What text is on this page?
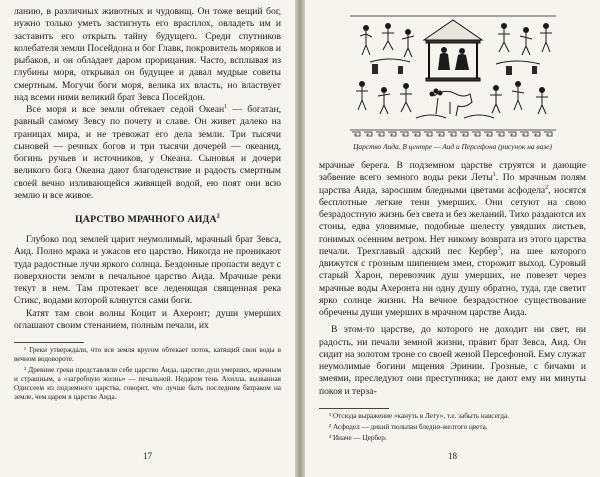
ланию, в различных животных и чудовищ. Он тоже вещий бог, нужно только уметь застигнуть его врасплох, овладеть им и заставить его открыть тайну будущего. Среди спутников колебателя земли Посейдона и бог Главк, покровитель моряков и рыбаков, и он обладает даром прорицания. Часто, всплывая из глубины моря, открывал он будущее и давал мудрые советы смертным. Могучи боги моря, велика их власть, но властвует над всеми ними великий брат Зевса Посейдон.

Все моря и все земли обтекает седой Океан$^1$ — богатан, равный самому Зевсу по почету и славе. Он живет далеко на границах мира, и не тревожат его дела земли. Три тысячи сыновей — речных богов и три тысячи дочерей — океанид, богинь ручьев и источников, у Океана. Сыновья и дочери великого бога Океана дают благоденствие и радость смертным своей вечно изливающейся живящей водой, ею поят они всю землю и все живое.

ЦАРСТВО МРАЧНОГО АИДА$^2$

Глубоко под землей царит неумолимый, мрачный брат Зевса, Аид. Полно мрака и ужасов его царство. Никогда не проникают туда радостные лучи яркого солнца. Бездонные пропасти ведут с поверхности земли в печальное царство Аида. Мрачные реки текут в нем. Там протекает все леденящая священная река Стикс, водами которой клянутся сами боги.

Катят там свои волны Коцит и Ахеронт; души умерших оглашают своим стенанием, полным печали, их

¹ Греки утверждали, что вся земля кругом обтекает поток, катящий свои воды в вечном водовороте.

² Древние греки представляли себе царство Аида, царство душ умерших, мрачным и страшным, а «загробную жизнь» — печальной. Недаром тень Ахилла, вызванная Одиссеем из подземного царства, говорит, что лучше быть последним батраком на земле, чем царем в царстве Аида.

17
Царство Аида. В центре — Аид и Персефона (рисунок на вазе)

мрачные берега. В подземном царстве струятся и дающие забвение всего земного воды реки Леты$^1$. По мрачным полям царства Аида, заросшим бледными цветами асфодела$^2$, носятся бесплотные легкие тени умерших. Они сетуют на свою безрадостную жизнь без света и без желаний. Тихо раздаются их стоны, едва уловимые, подобные шелесту увядших листьев, гонимых осенним ветром. Нет никому возврата из этого царства печали. Трехглавый адский пес Кербер$^3$, на шее которого движутся с грозным шипением змеи, сторожит выход. Суровый старый Харон, перевозчик душ умерших, не повезет через мрачные воды Ахеронта ни одну душу обратно, туда, где светит ярко солнце жизни. На вечное безрадостное существование обречены души умерших в мрачном царстве Аида.

В этом-то царстве, до которого не доходит ни свет, ни радость, ни печали земной жизни, правит брат Зевса, Аид. Он сидит на золотом троне со своей женой Персефоной. Ему служат неумолимые богини мщения Эринии. Грозные, с бичами и змеями, преследуют они преступника; не дают ему ни минуты покоя и терза-

¹ Отсюда выражение «кануть в Лету», т.е. забыть навсегда.

² Асфодел — дикий тюльпан бледно-желтого цвета.

³ Иначе — Цербер.

18
